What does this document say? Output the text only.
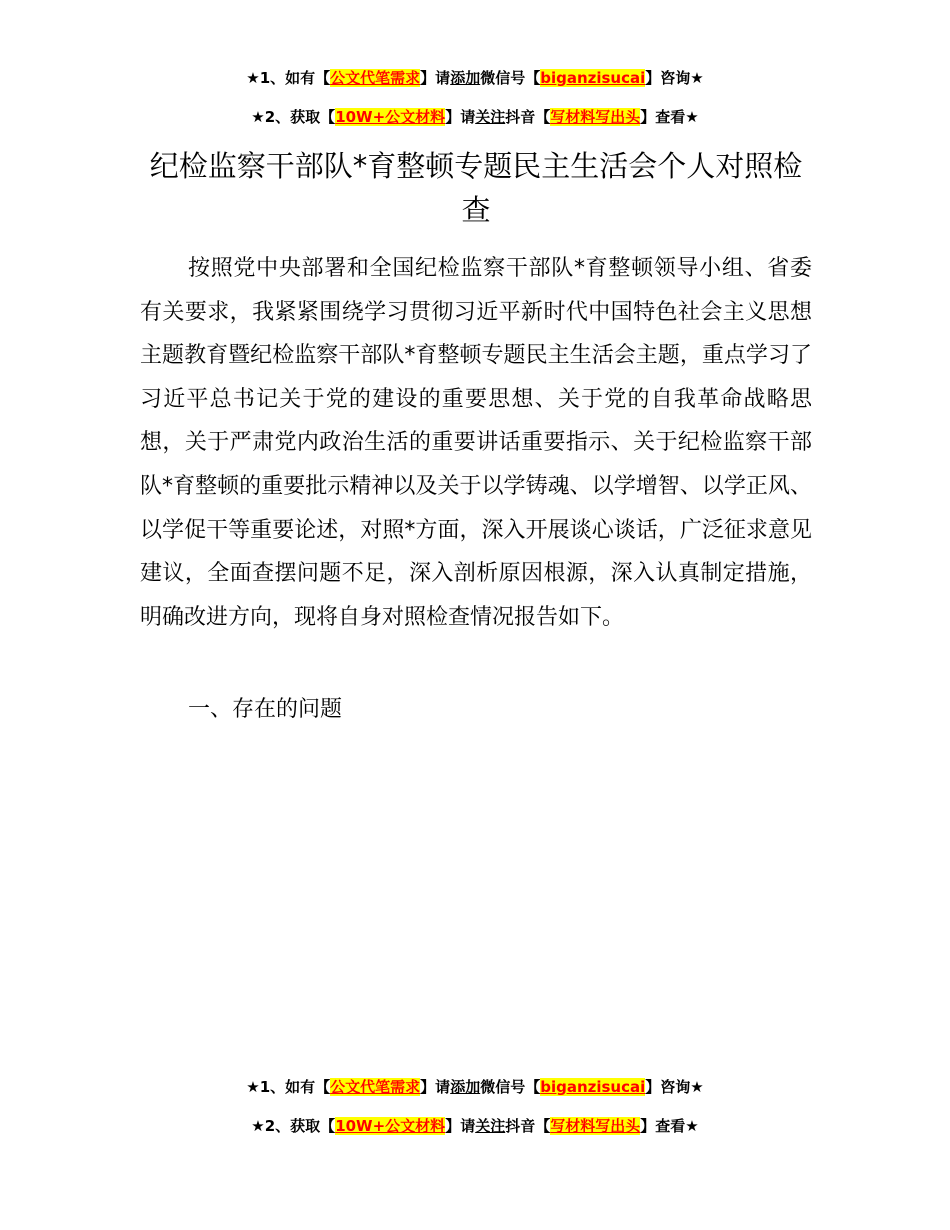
★1、如有【公文代笔需求】请添加微信号【biganzisucai】咨询★
★2、获取【10W+公文材料】请关注抖音【写材料写出头】查看★
纪检监察干部队*育整顿专题民主生活会个人对照检查

按照党中央部署和全国纪检监察干部队*育整顿领导小组、省委有关要求，我紧紧围绕学习贯彻习近平新时代中国特色社会主义思想主题教育暨纪检监察干部队*育整顿专题民主生活会主题，重点学习了习近平总书记关于党的建设的重要思想、关于党的自我革命战略思想，关于严肃党内政治生活的重要讲话重要指示、关于纪检监察干部队*育整顿的重要批示精神以及关于以学铸魂、以学增智、以学正风、以学促干等重要论述，对照*方面，深入开展谈心谈话，广泛征求意见建议，全面查摆问题不足，深入剖析原因根源，深入认真制定措施，明确改进方向，现将自身对照检查情况报告如下。

一、存在的问题

★1、如有【公文代笔需求】请添加微信号【biganzisucai】咨询★
★2、获取【10W+公文材料】请关注抖音【写材料写出头】查看★
